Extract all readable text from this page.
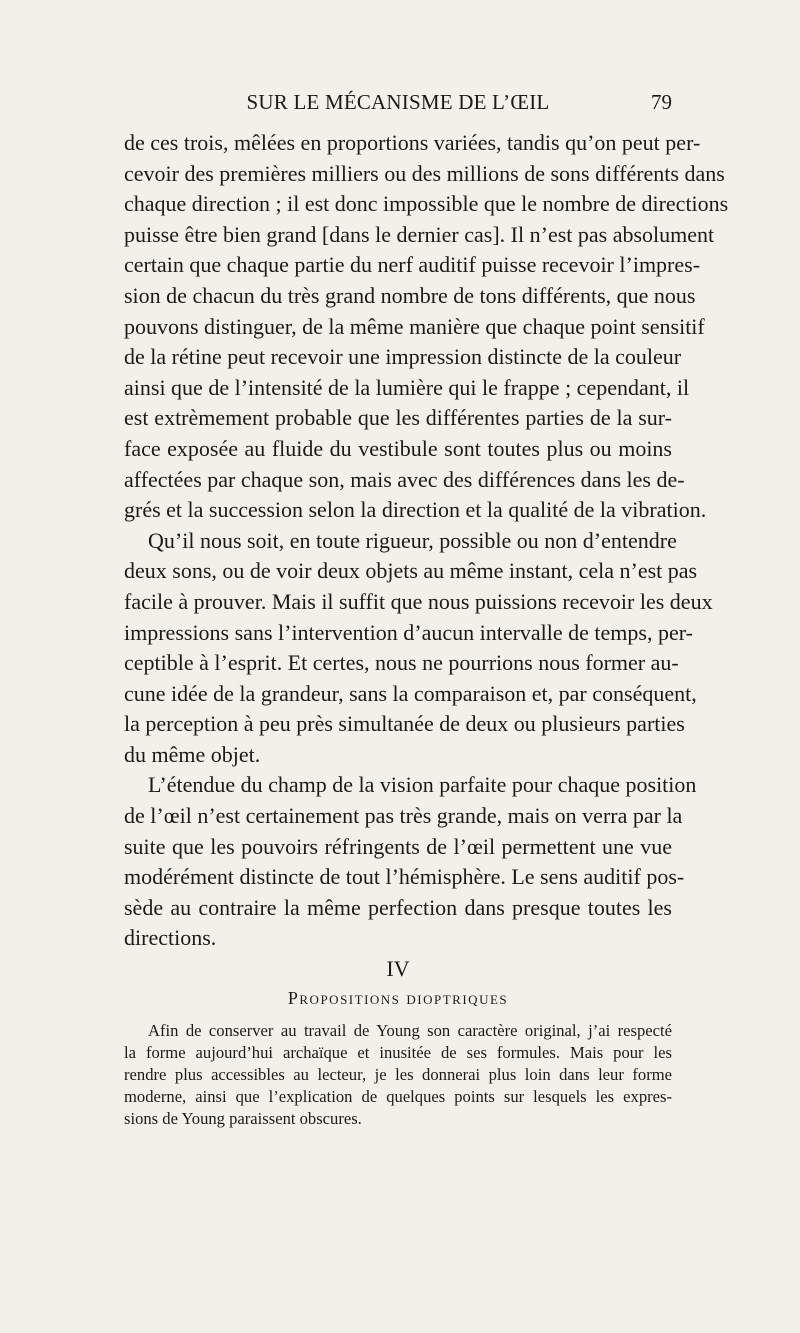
SUR LE MÉCANISME DE L’ŒIL	79
de ces trois, mêlées en proportions variées, tandis qu’on peut per-
cevoir des premières milliers ou des millions de sons différents dans
chaque direction ; il est donc impossible que le nombre de directions
puisse être bien grand [dans le dernier cas]. Il n’est pas absolument
certain que chaque partie du nerf auditif puisse recevoir l’impres-
sion de chacun du très grand nombre de tons différents, que nous
pouvons distinguer, de la même manière que chaque point sensitif
de la rétine peut recevoir une impression distincte de la couleur
ainsi que de l’intensité de la lumière qui le frappe ; cependant, il
est extrèmement probable que les différentes parties de la sur-
face exposée au fluide du vestibule sont toutes plus ou moins
affectées par chaque son, mais avec des différences dans les de-
grés et la succession selon la direction et la qualité de la vibration.
Qu’il nous soit, en toute rigueur, possible ou non d’entendre
deux sons, ou de voir deux objets au même instant, cela n’est pas
facile à prouver. Mais il suffit que nous puissions recevoir les deux
impressions sans l’intervention d’aucun intervalle de temps, per-
ceptible à l’esprit. Et certes, nous ne pourrions nous former au-
cune idée de la grandeur, sans la comparaison et, par conséquent,
la perception à peu près simultanée de deux ou plusieurs parties
du même objet.
L’étendue du champ de la vision parfaite pour chaque position
de l’œil n’est certainement pas très grande, mais on verra par la
suite que les pouvoirs réfringents de l’œil permettent une vue
modérément distincte de tout l’hémisphère. Le sens auditif pos-
sède au contraire la même perfection dans presque toutes les
directions.
IV
Propositions dioptriques
Afin de conserver au travail de Young son caractère original, j’ai respecté
la forme aujourd’hui archaïque et inusitée de ses formules. Mais pour les
rendre plus accessibles au lecteur, je les donnerai plus loin dans leur forme
moderne, ainsi que l’explication de quelques points sur lesquels les expres-
sions de Young paraissent obscures.
